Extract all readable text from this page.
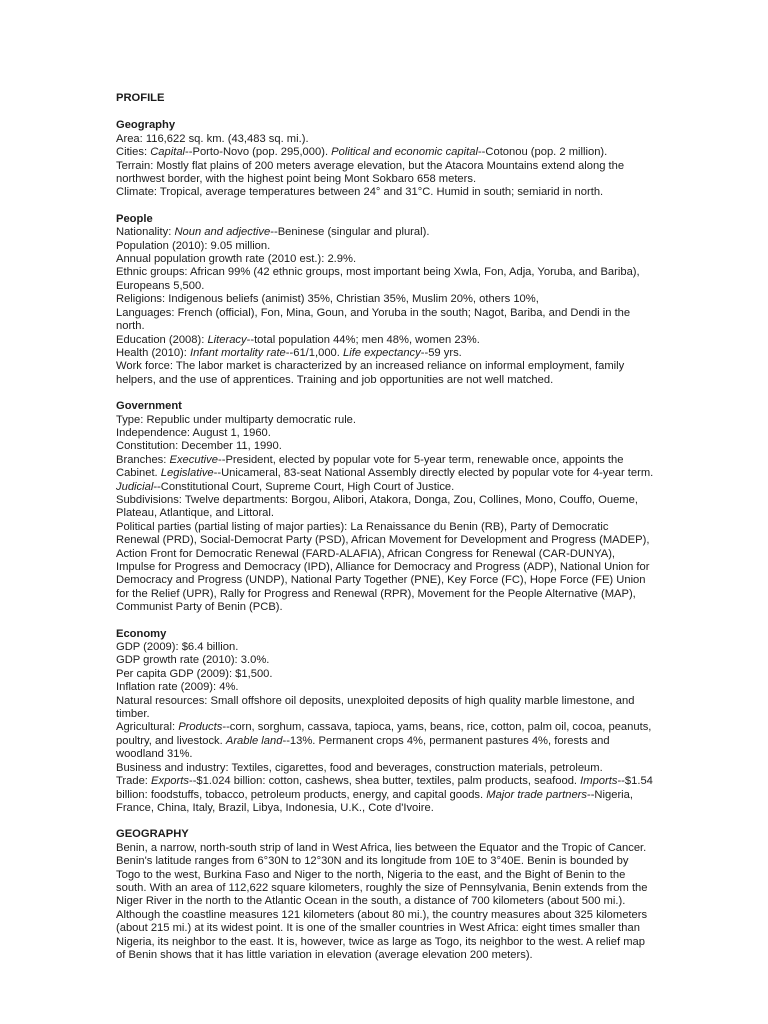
PROFILE
Geography
Area: 116,622 sq. km. (43,483 sq. mi.).
Cities: Capital--Porto-Novo (pop. 295,000). Political and economic capital--Cotonou (pop. 2 million).
Terrain: Mostly flat plains of 200 meters average elevation, but the Atacora Mountains extend along the northwest border, with the highest point being Mont Sokbaro 658 meters.
Climate: Tropical, average temperatures between 24° and 31°C. Humid in south; semiarid in north.
People
Nationality: Noun and adjective--Beninese (singular and plural).
Population (2010): 9.05 million.
Annual population growth rate (2010 est.): 2.9%.
Ethnic groups: African 99% (42 ethnic groups, most important being Xwla, Fon, Adja, Yoruba, and Bariba),
Europeans 5,500.
Religions: Indigenous beliefs (animist) 35%, Christian 35%, Muslim 20%, others 10%,
Languages: French (official), Fon, Mina, Goun, and Yoruba in the south; Nagot, Bariba, and Dendi in the north.
Education (2008): Literacy--total population 44%; men 48%, women 23%.
Health (2010): Infant mortality rate--61/1,000. Life expectancy--59 yrs.
Work force: The labor market is characterized by an increased reliance on informal employment, family helpers, and the use of apprentices. Training and job opportunities are not well matched.
Government
Type: Republic under multiparty democratic rule.
Independence: August 1, 1960.
Constitution: December 11, 1990.
Branches: Executive--President, elected by popular vote for 5-year term, renewable once, appoints the Cabinet. Legislative--Unicameral, 83-seat National Assembly directly elected by popular vote for 4-year term. Judicial--Constitutional Court, Supreme Court, High Court of Justice.
Subdivisions: Twelve departments: Borgou, Alibori, Atakora, Donga, Zou, Collines, Mono, Couffo, Oueme, Plateau, Atlantique, and Littoral.
Political parties (partial listing of major parties): La Renaissance du Benin (RB), Party of Democratic Renewal (PRD), Social-Democrat Party (PSD), African Movement for Development and Progress (MADEP), Action Front for Democratic Renewal (FARD-ALAFIA), African Congress for Renewal (CAR-DUNYA), Impulse for Progress and Democracy (IPD), Alliance for Democracy and Progress (ADP), National Union for Democracy and Progress (UNDP), National Party Together (PNE), Key Force (FC), Hope Force (FE) Union for the Relief (UPR), Rally for Progress and Renewal (RPR), Movement for the People Alternative (MAP), Communist Party of Benin (PCB).
Economy
GDP (2009): $6.4 billion.
GDP growth rate (2010): 3.0%.
Per capita GDP (2009): $1,500.
Inflation rate (2009): 4%.
Natural resources: Small offshore oil deposits, unexploited deposits of high quality marble limestone, and timber.
Agricultural: Products--corn, sorghum, cassava, tapioca, yams, beans, rice, cotton, palm oil, cocoa, peanuts, poultry, and livestock. Arable land--13%. Permanent crops 4%, permanent pastures 4%, forests and woodland 31%.
Business and industry: Textiles, cigarettes, food and beverages, construction materials, petroleum.
Trade: Exports--$1.024 billion: cotton, cashews, shea butter, textiles, palm products, seafood. Imports--$1.54 billion: foodstuffs, tobacco, petroleum products, energy, and capital goods. Major trade partners--Nigeria, France, China, Italy, Brazil, Libya, Indonesia, U.K., Cote d'Ivoire.
GEOGRAPHY
Benin, a narrow, north-south strip of land in West Africa, lies between the Equator and the Tropic of Cancer. Benin's latitude ranges from 6°30N to 12°30N and its longitude from 10E to 3°40E. Benin is bounded by Togo to the west, Burkina Faso and Niger to the north, Nigeria to the east, and the Bight of Benin to the south. With an area of 112,622 square kilometers, roughly the size of Pennsylvania, Benin extends from the Niger River in the north to the Atlantic Ocean in the south, a distance of 700 kilometers (about 500 mi.). Although the coastline measures 121 kilometers (about 80 mi.), the country measures about 325 kilometers (about 215 mi.) at its widest point. It is one of the smaller countries in West Africa: eight times smaller than Nigeria, its neighbor to the east. It is, however, twice as large as Togo, its neighbor to the west. A relief map of Benin shows that it has little variation in elevation (average elevation 200 meters).
